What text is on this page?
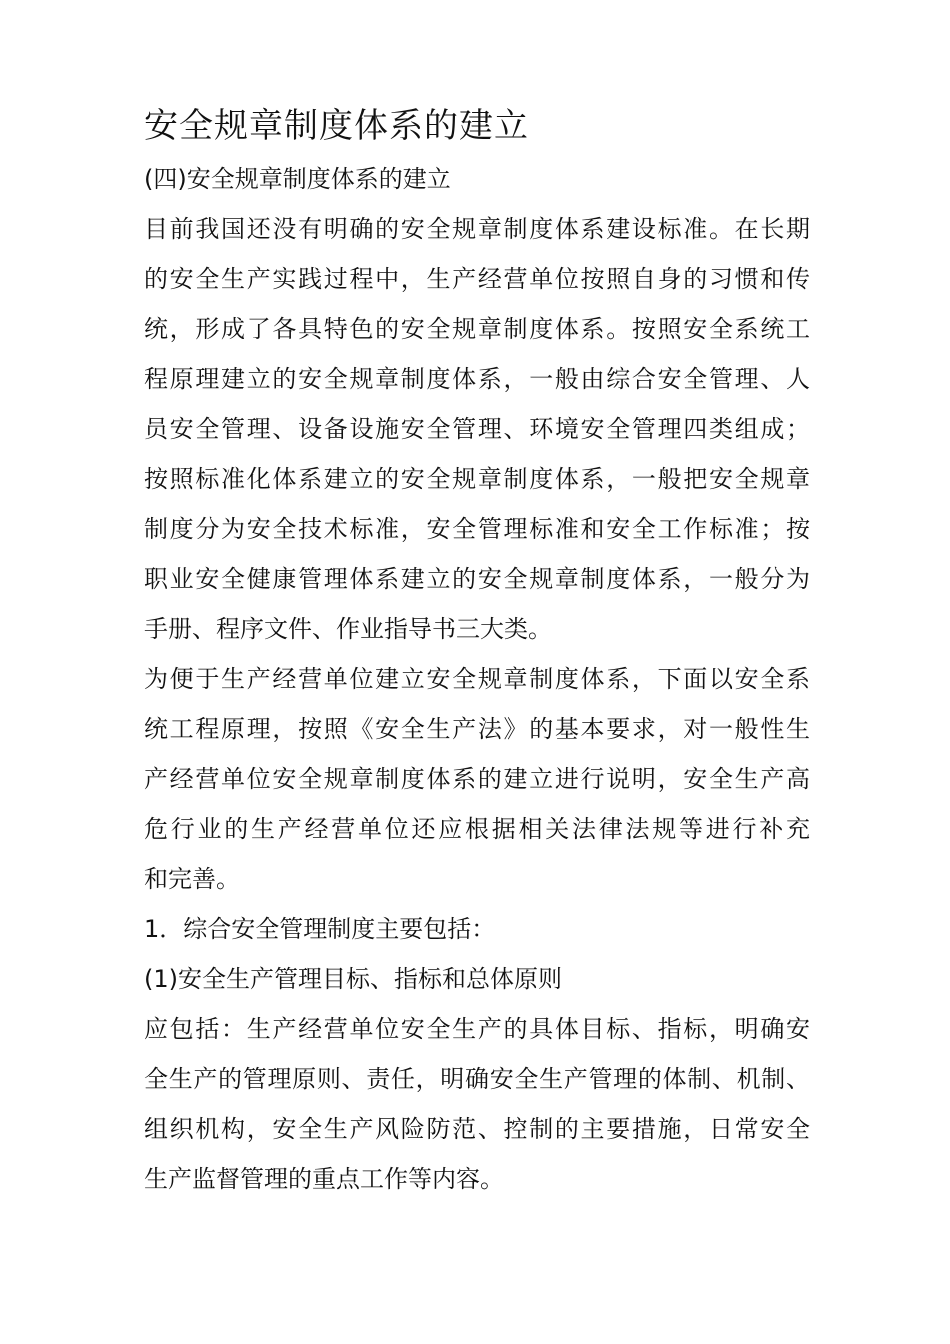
安全规章制度体系的建立
(四)安全规章制度体系的建立
目前我国还没有明确的安全规章制度体系建设标准。在长期
的安全生产实践过程中，生产经营单位按照自身的习惯和传
统，形成了各具特色的安全规章制度体系。按照安全系统工
程原理建立的安全规章制度体系，一般由综合安全管理、人
员安全管理、设备设施安全管理、环境安全管理四类组成；
按照标准化体系建立的安全规章制度体系，一般把安全规章
制度分为安全技术标准，安全管理标准和安全工作标准；按
职业安全健康管理体系建立的安全规章制度体系，一般分为
手册、程序文件、作业指导书三大类。
为便于生产经营单位建立安全规章制度体系，下面以安全系
统工程原理，按照《安全生产法》的基本要求，对一般性生
产经营单位安全规章制度体系的建立进行说明，安全生产高
危行业的生产经营单位还应根据相关法律法规等进行补充
和完善。
1．综合安全管理制度主要包括：
(1)安全生产管理目标、指标和总体原则
应包括：生产经营单位安全生产的具体目标、指标，明确安
全生产的管理原则、责任，明确安全生产管理的体制、机制、
组织机构，安全生产风险防范、控制的主要措施，日常安全
生产监督管理的重点工作等内容。
